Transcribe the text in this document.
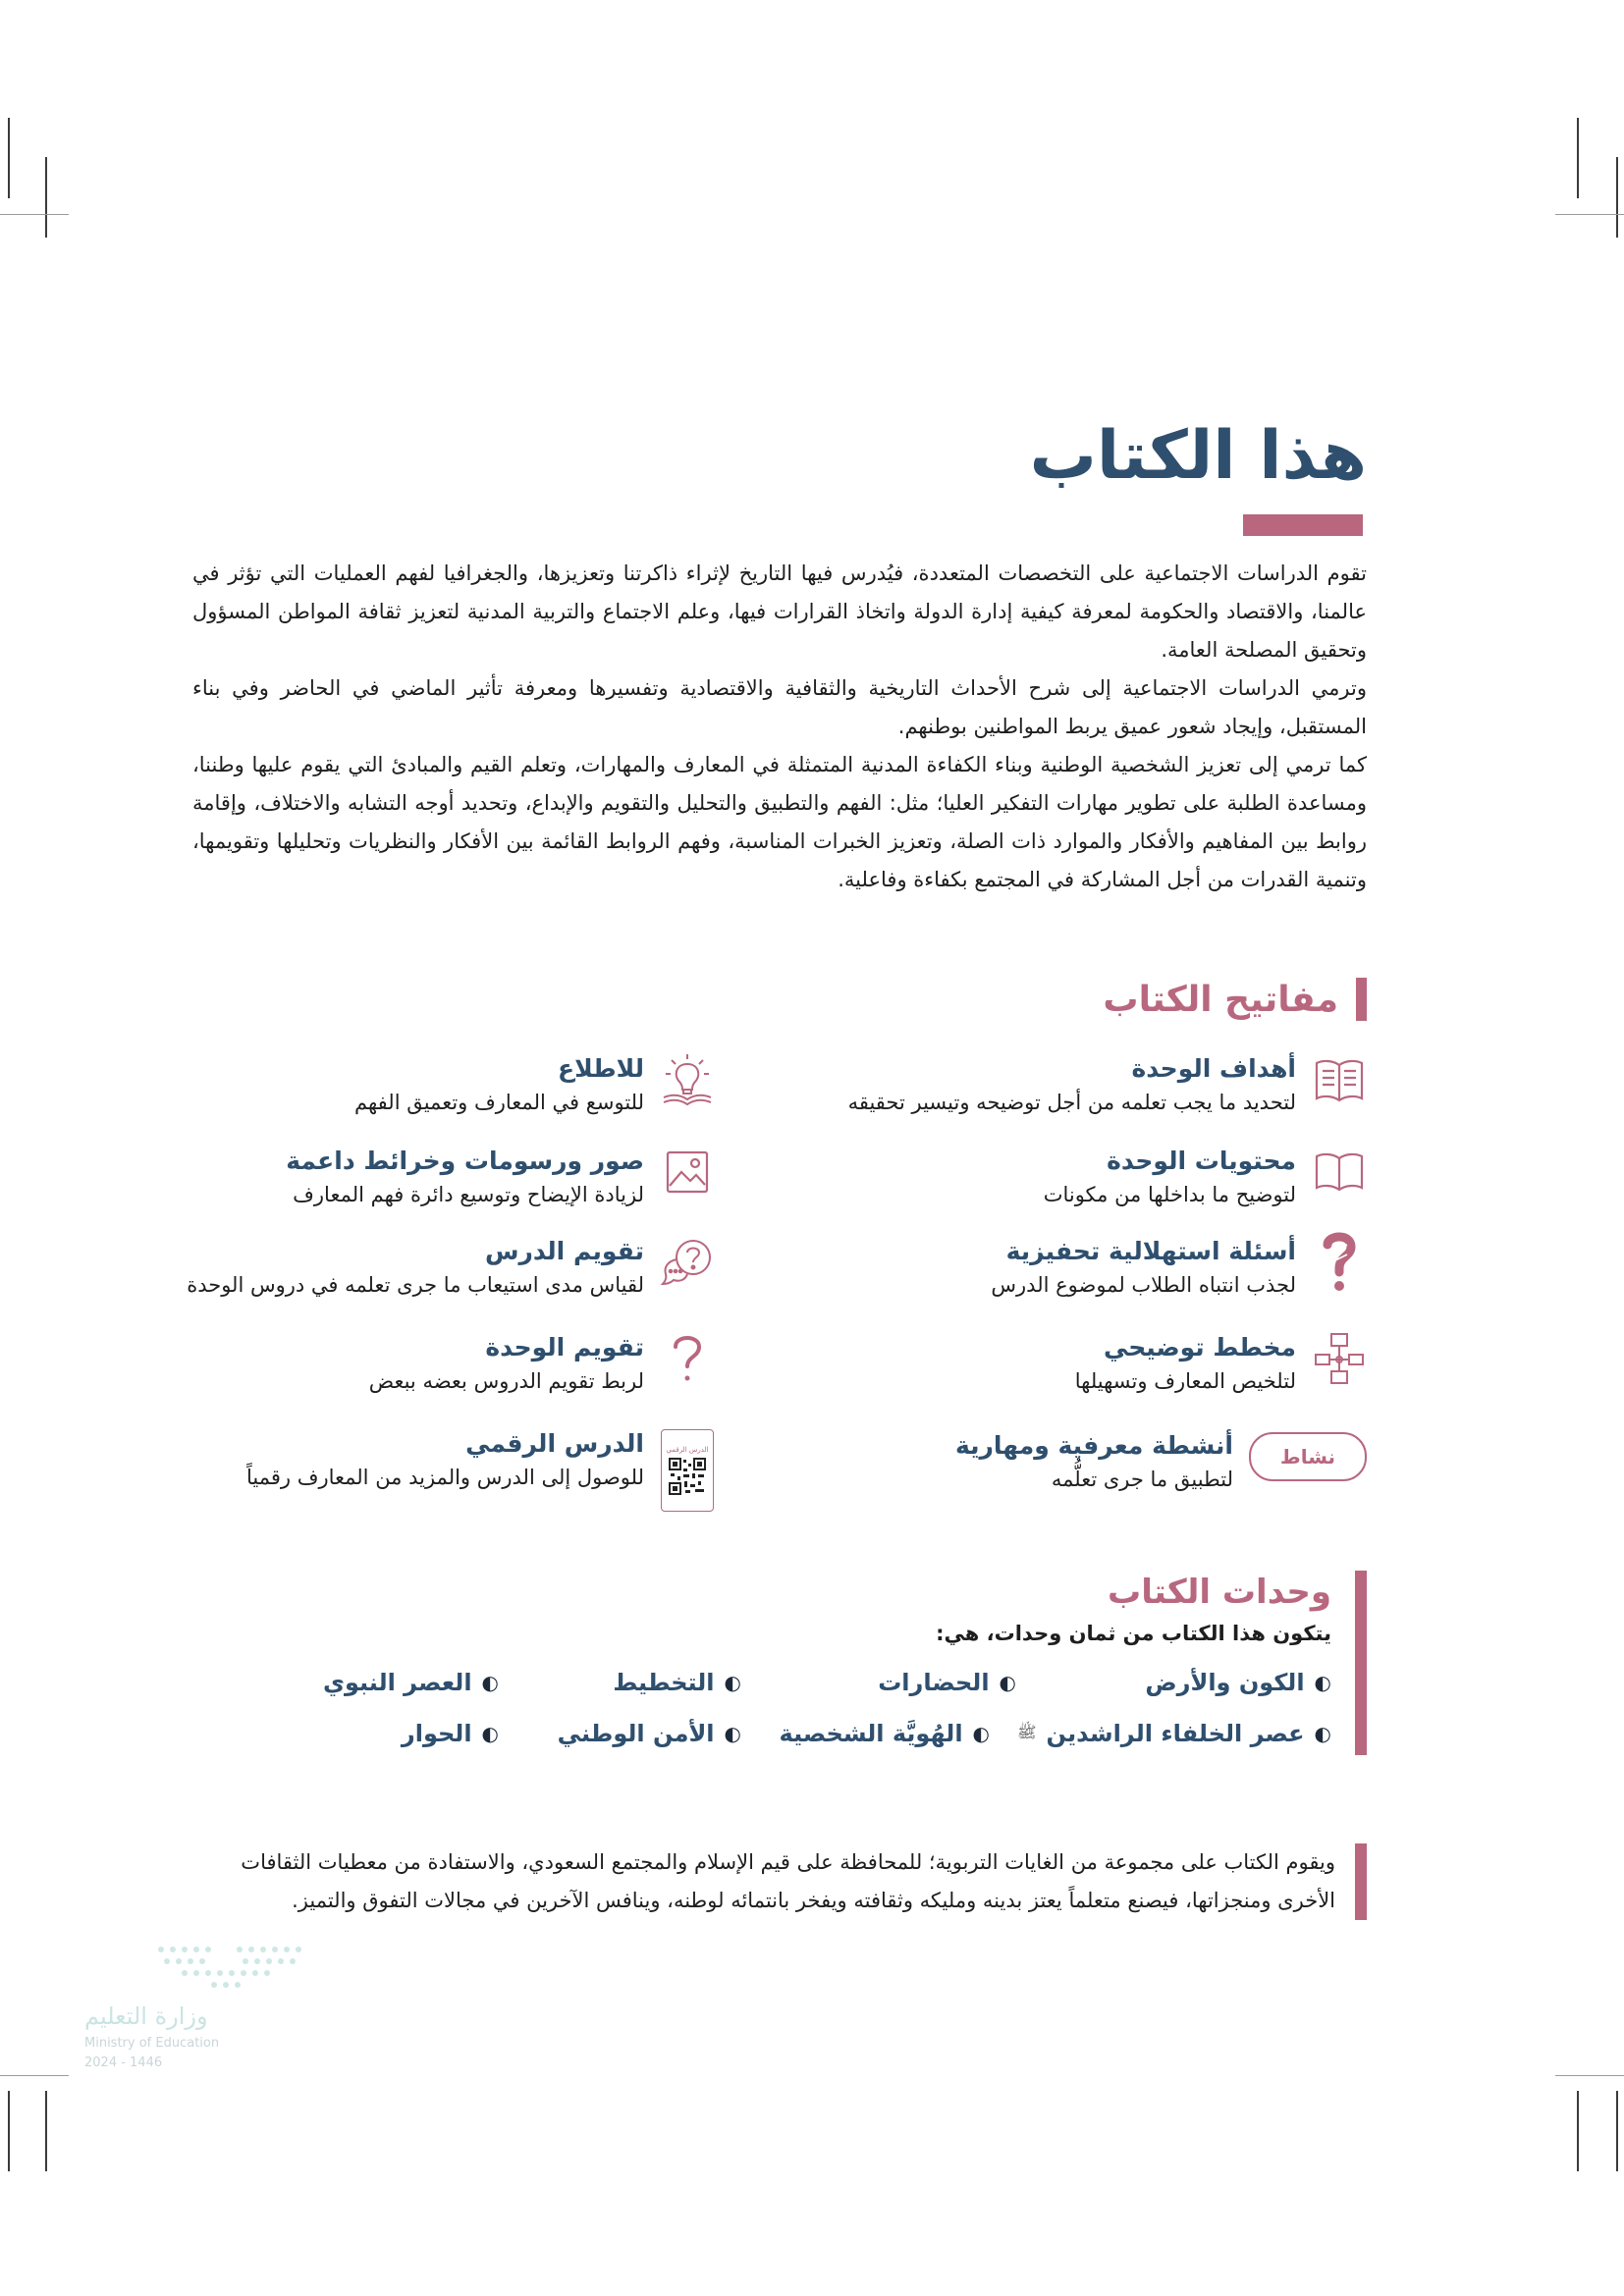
هذا الكتاب

تقوم الدراسات الاجتماعية على التخصصات المتعددة، فيُدرس فيها التاريخ لإثراء ذاكرتنا وتعزيزها، والجغرافيا لفهم العمليات التي تؤثر في عالمنا، والاقتصاد والحكومة لمعرفة كيفية إدارة الدولة واتخاذ القرارات فيها، وعلم الاجتماع والتربية المدنية لتعزيز ثقافة المواطن المسؤول وتحقيق المصلحة العامة.

وترمي الدراسات الاجتماعية إلى شرح الأحداث التاريخية والثقافية والاقتصادية وتفسيرها ومعرفة تأثير الماضي في الحاضر وفي بناء المستقبل، وإيجاد شعور عميق يربط المواطنين بوطنهم.

كما ترمي إلى تعزيز الشخصية الوطنية وبناء الكفاءة المدنية المتمثلة في المعارف والمهارات، وتعلم القيم والمبادئ التي يقوم عليها وطننا، ومساعدة الطلبة على تطوير مهارات التفكير العليا؛ مثل: الفهم والتطبيق والتحليل والتقويم والإبداع، وتحديد أوجه التشابه والاختلاف، وإقامة روابط بين المفاهيم والأفكار والموارد ذات الصلة، وتعزيز الخبرات المناسبة، وفهم الروابط القائمة بين الأفكار والنظريات وتحليلها وتقويمها، وتنمية القدرات من أجل المشاركة في المجتمع بكفاءة وفاعلية.

مفاتيح الكتاب
أهداف الوحدة
لتحديد ما يجب تعلمه من أجل توضيحه وتيسير تحقيقه
محتويات الوحدة
لتوضيح ما بداخلها من مكونات
أسئلة استهلالية تحفيزية
لجذب انتباه الطلاب لموضوع الدرس
مخطط توضيحي
لتلخيص المعارف وتسهيلها
نشاط
أنشطة معرفية ومهارية
لتطبيق ما جرى تعلُّمه
للاطلاع
للتوسع في المعارف وتعميق الفهم
صور ورسومات وخرائط داعمة
لزيادة الإيضاح وتوسيع دائرة فهم المعارف
تقويم الدرس
لقياس مدى استيعاب ما جرى تعلمه في دروس الوحدة
تقويم الوحدة
لربط تقويم الدروس بعضه ببعض
الدرس الرقمي
الدرس الرقمي
للوصول إلى الدرس والمزيد من المعارف رقمياً
وحدات الكتاب
يتكون هذا الكتاب من ثمان وحدات، هي:
◐
الكون والأرض
◐
الحضارات
◐
التخطيط
◐
العصر النبوي
◐
عصر الخلفاء الراشدين
ﷺ
◐
الهُويَّة الشخصية
◐
الأمن الوطني
◐
الحوار

ويقوم الكتاب على مجموعة من الغايات التربوية؛ للمحافظة على قيم الإسلام والمجتمع السعودي، والاستفادة من معطيات الثقافات

الأخرى ومنجزاتها، فيصنع متعلماً يعتز بدينه ومليكه وثقافته ويفخر بانتمائه لوطنه، وينافس الآخرين في مجالات التفوق والتميز.

وزارة التعليم
Ministry of Education
2024 - 1446
